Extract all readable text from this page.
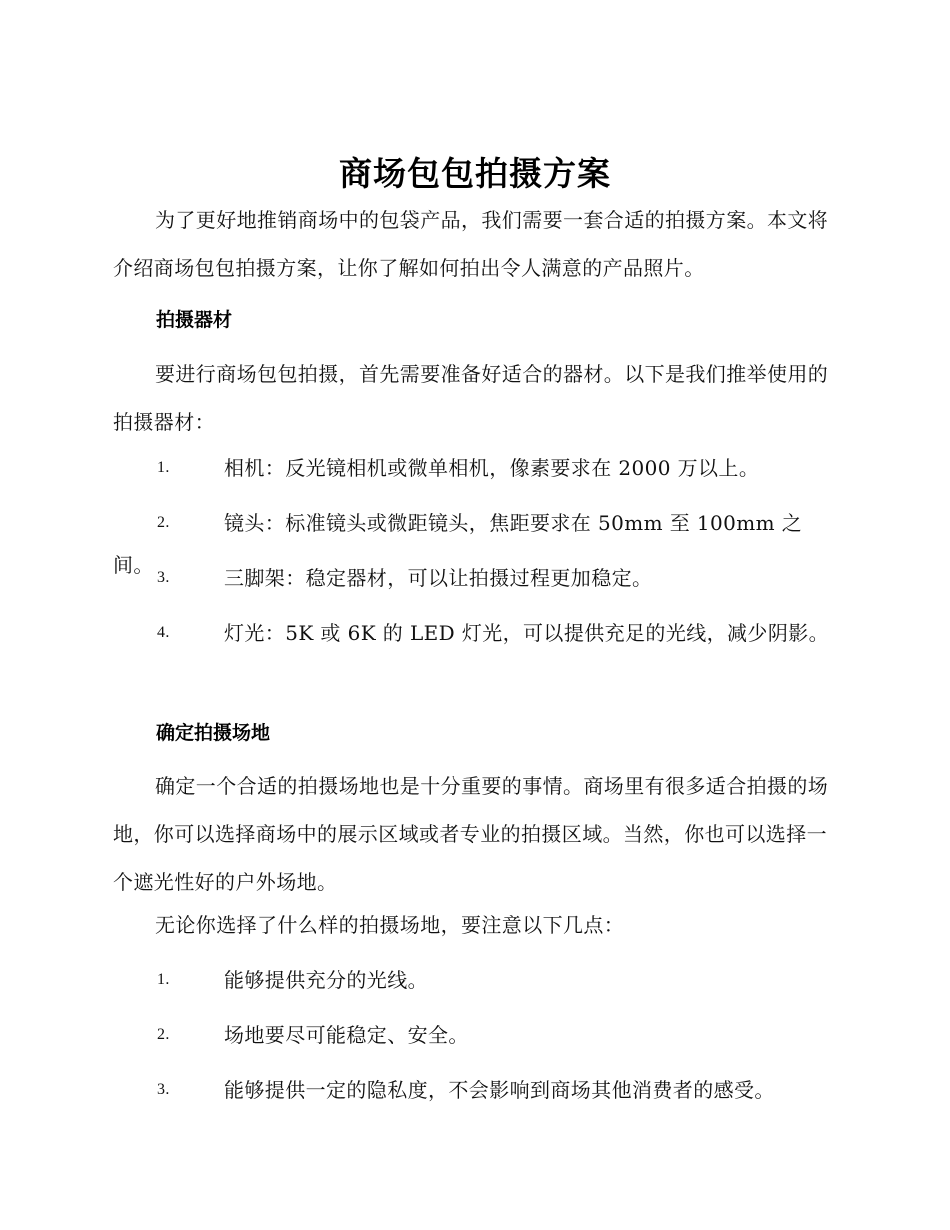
商场包包拍摄方案

为了更好地推销商场中的包袋产品，我们需要一套合适的拍摄方案。本文将介绍商场包包拍摄方案，让你了解如何拍出令人满意的产品照片。

拍摄器材

要进行商场包包拍摄，首先需要准备好适合的器材。以下是我们推举使用的拍摄器材：

1.	相机：反光镜相机或微单相机，像素要求在 2000 万以上。
2.	镜头：标准镜头或微距镜头，焦距要求在 50mm 至 100mm 之间。
3.	三脚架：稳定器材，可以让拍摄过程更加稳定。
4.	灯光：5K 或 6K 的 LED 灯光，可以提供充足的光线，减少阴影。
确定拍摄场地

确定一个合适的拍摄场地也是十分重要的事情。商场里有很多适合拍摄的场地，你可以选择商场中的展示区域或者专业的拍摄区域。当然，你也可以选择一个遮光性好的户外场地。

无论你选择了什么样的拍摄场地，要注意以下几点：

1.	能够提供充分的光线。
2.	场地要尽可能稳定、安全。
3.	能够提供一定的隐私度，不会影响到商场其他消费者的感受。
